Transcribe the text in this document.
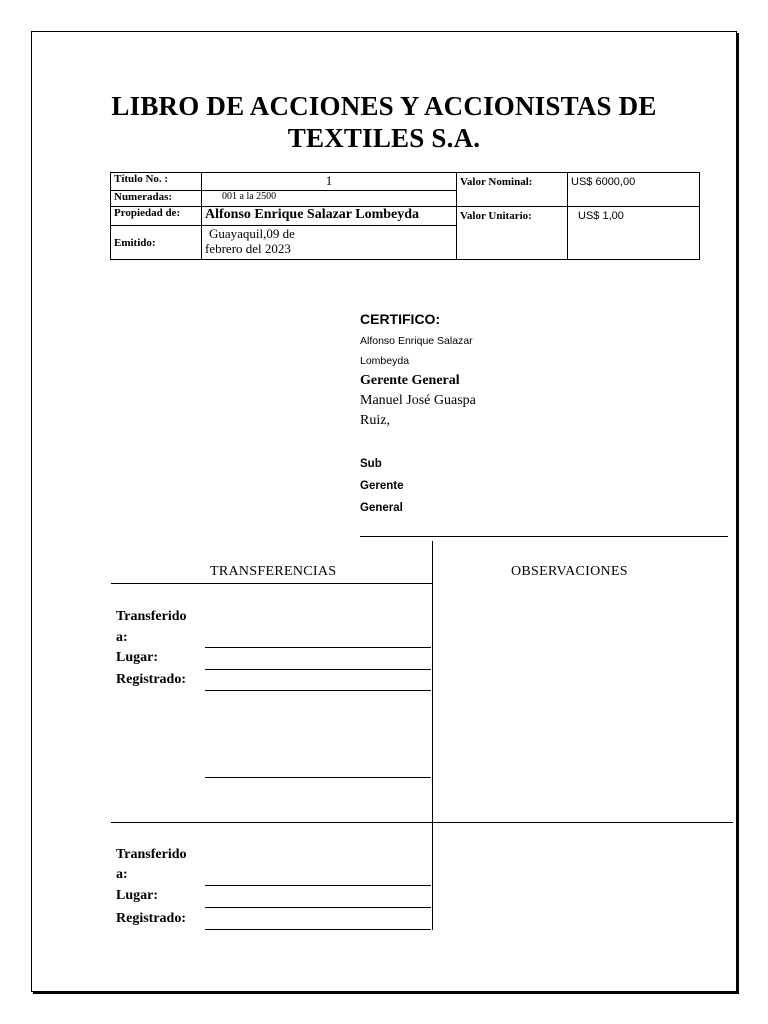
LIBRO DE ACCIONES Y ACCIONISTAS DE
TEXTILES S.A.
Título No. :	1	Valor Nominal:	US$ 6000,00
Numeradas:	001 a la 2500		
Propiedad de:	Alfonso Enrique Salazar Lombeyda	Valor Unitario:	US$ 1,00
Emitido:	Guayaquil,09 de
febrero del 2023		
CERTIFICO:
Alfonso Enrique Salazar
Lombeyda
Gerente General
Manuel José Guaspa
Ruiz,
Sub
Gerente
General
TRANSFERENCIAS	OBSERVACIONES
Transferido
a:
Lugar:
Registrado:
Transferido
a:
Lugar:
Registrado:
